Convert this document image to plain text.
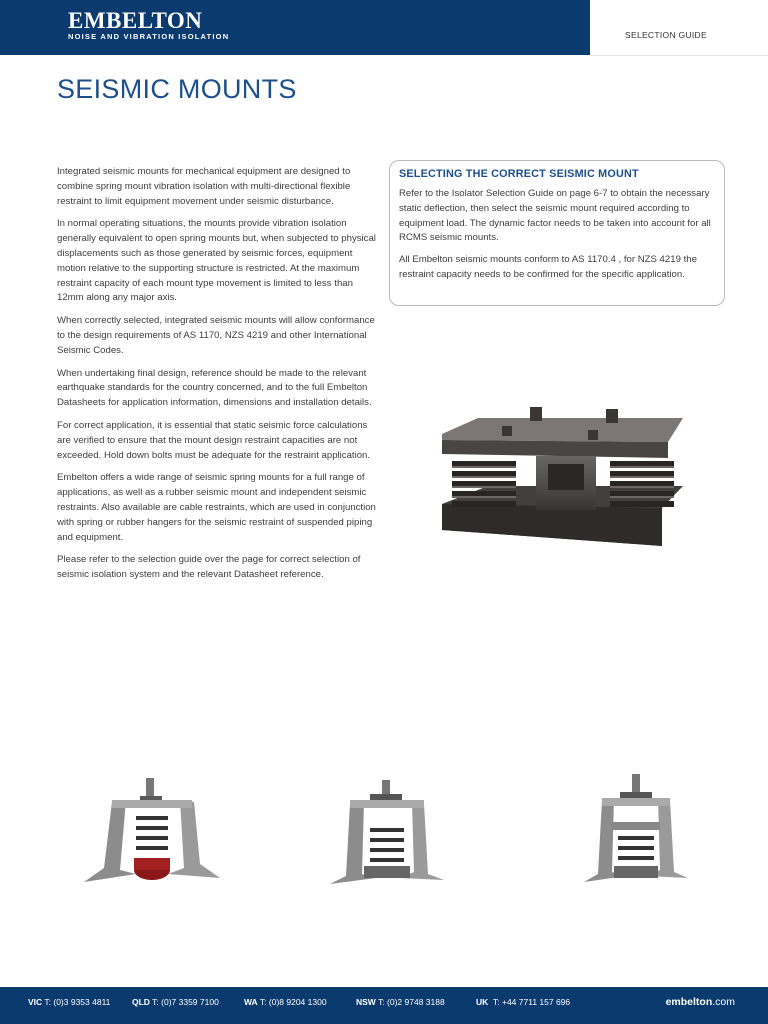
EMBELTON
NOISE AND VIBRATION ISOLATION	SELECTION GUIDE
SEISMIC MOUNTS

Integrated seismic mounts for mechanical equipment are designed to combine spring mount vibration isolation with multi-directional flexible restraint to limit equipment movement under seismic disturbance.

In normal operating situations, the mounts provide vibration isolation generally equivalent to open spring mounts but, when subjected to physical displacements such as those generated by seismic forces, equipment motion relative to the supporting structure is restricted. At the maximum restraint capacity of each mount type movement is limited to less than 12mm along any major axis.

When correctly selected, integrated seismic mounts will allow conformance to the design requirements of AS 1170, NZS 4219 and other International Seismic Codes.

When undertaking final design, reference should be made to the relevant earthquake standards for the country concerned, and to the full Embelton Datasheets for application information, dimensions and installation details.

For correct application, it is essential that static seismic force calculations are verified to ensure that the mount design restraint capacities are not exceeded. Hold down bolts must be adequate for the restraint application.

Embelton offers a wide range of seismic spring mounts for a full range of applications, as well as a rubber seismic mount and independent seismic restraints. Also available are cable restraints, which are used in conjunction with spring or rubber hangers for the seismic restraint of suspended piping and equipment.

Please refer to the selection guide over the page for correct selection of seismic isolation system and the relevant Datasheet reference.

SELECTING THE CORRECT SEISMIC MOUNT

Refer to the Isolator Selection Guide on page 6-7 to obtain the necessary static deflection, then select the seismic mount required according to equipment load. The dynamic factor needs to be taken into account for all RCMS seismic mounts.

All Embelton seismic mounts conform to AS 1170.4 , for NZS 4219 the restraint capacity needs to be confirmed for the specific application.

VIC T: (0)3 9353 4811	QLD T: (0)7 3359 7100	WA T: (0)8 9204 1300	NSW T: (0)2 9748 3188	UK T: +44 7711 157 696	embelton.com
